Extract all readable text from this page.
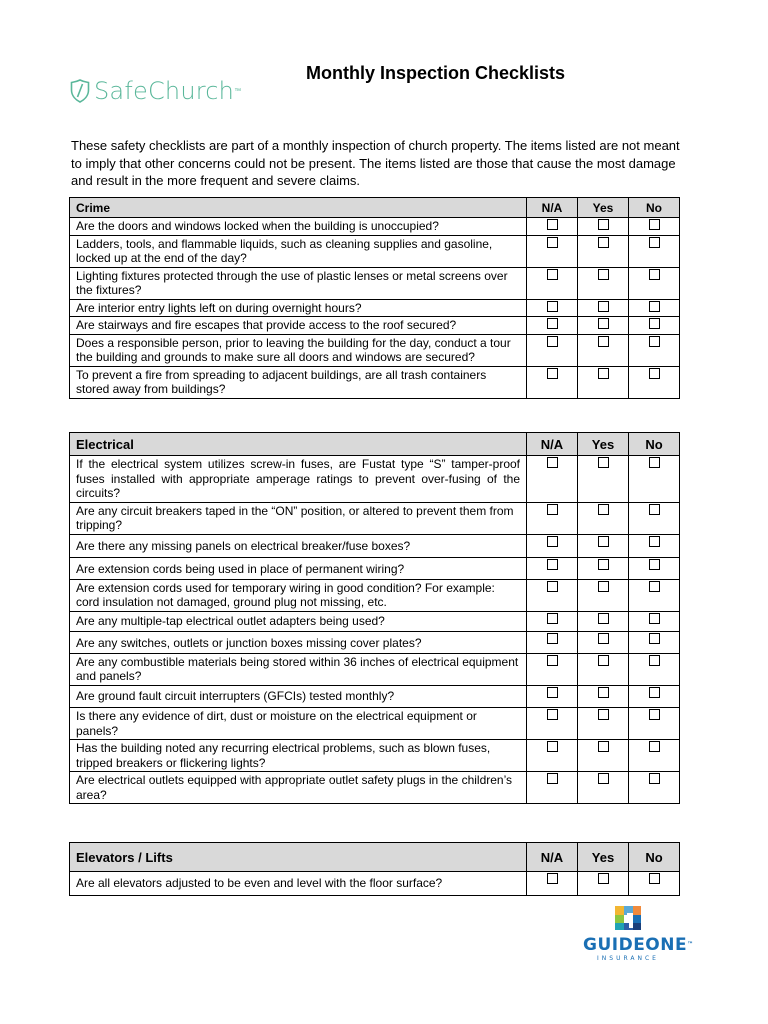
SafeChurch ™
Monthly Inspection Checklists

These safety checklists are part of a monthly inspection of church property. The items listed are not meant to imply that other concerns could not be present. The items listed are those that cause the most damage and result in the more frequent and severe claims.

Crime	N/A	Yes	No
Are the doors and windows locked when the building is unoccupied?			
Ladders, tools, and flammable liquids, such as cleaning supplies and gasoline, locked up at the end of the day?			
Lighting fixtures protected through the use of plastic lenses or metal screens over the fixtures?			
Are interior entry lights left on during overnight hours?			
Are stairways and fire escapes that provide access to the roof secured?			
Does a responsible person, prior to leaving the building for the day, conduct a tour the building and grounds to make sure all doors and windows are secured?			
To prevent a fire from spreading to adjacent buildings, are all trash containers stored away from buildings?			
Electrical	N/A	Yes	No
If the electrical system utilizes screw-in fuses, are Fustat type “S” tamper-proof fuses installed with appropriate amperage ratings to prevent over-fusing of the circuits?			
Are any circuit breakers taped in the “ON” position, or altered to prevent them from tripping?			
Are there any missing panels on electrical breaker/fuse boxes?			
Are extension cords being used in place of permanent wiring?			
Are extension cords used for temporary wiring in good condition? For example: cord insulation not damaged, ground plug not missing, etc.			
Are any multiple-tap electrical outlet adapters being used?			
Are any switches, outlets or junction boxes missing cover plates?			
Are any combustible materials being stored within 36 inches of electrical equipment and panels?			
Are ground fault circuit interrupters (GFCIs) tested monthly?			
Is there any evidence of dirt, dust or moisture on the electrical equipment or panels?			
Has the building noted any recurring electrical problems, such as blown fuses, tripped breakers or flickering lights?			
Are electrical outlets equipped with appropriate outlet safety plugs in the children’s area?			
Elevators / Lifts	N/A	Yes	No
Are all elevators adjusted to be even and level with the floor surface?			
GUIDEONE™
INSURANCE
